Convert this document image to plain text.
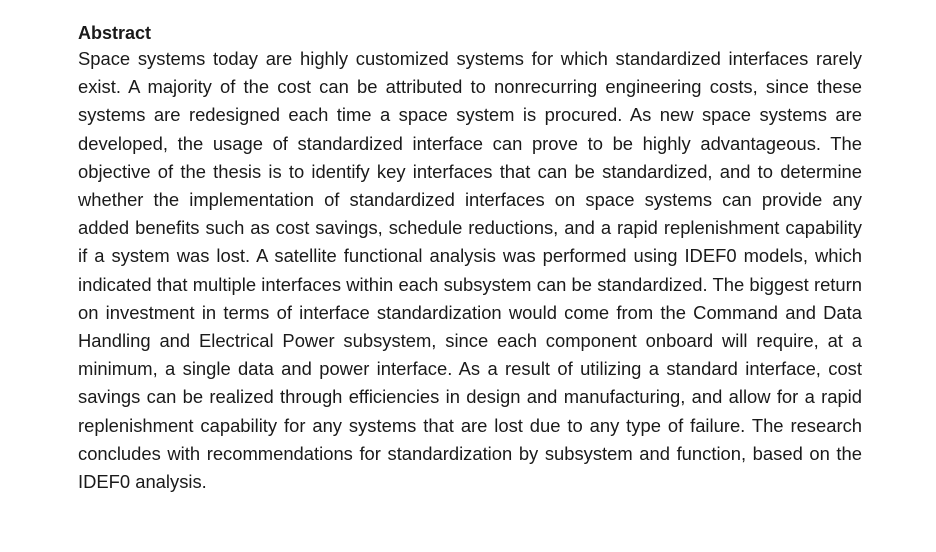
Abstract

Space systems today are highly customized systems for which standardized interfaces rarely exist. A majority of the cost can be attributed to nonrecurring engineering costs, since these systems are redesigned each time a space system is procured. As new space systems are developed, the usage of standardized interface can prove to be highly advantageous. The objective of the thesis is to identify key interfaces that can be standardized, and to determine whether the implementation of standardized interfaces on space systems can provide any added benefits such as cost savings, schedule reductions, and a rapid replenishment capability if a system was lost. A satellite functional analysis was performed using IDEF0 models, which indicated that multiple interfaces within each subsystem can be standardized. The biggest return on investment in terms of interface standardization would come from the Command and Data Handling and Electrical Power subsystem, since each component onboard will require, at a minimum, a single data and power interface. As a result of utilizing a standard interface, cost savings can be realized through efficiencies in design and manufacturing, and allow for a rapid replenishment capability for any systems that are lost due to any type of failure. The research concludes with recommendations for standardization by subsystem and function, based on the IDEF0 analysis.
